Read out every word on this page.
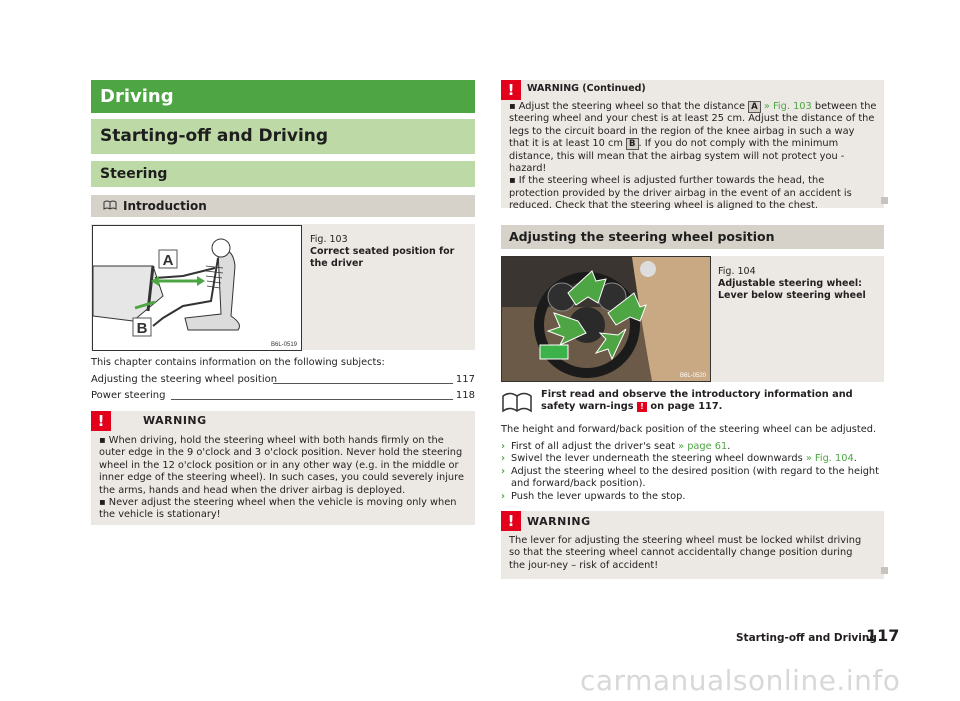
Driving
Starting-off and Driving
Steering
Introduction
A
B
B6L-0519
Fig. 103
Correct seated position for the driver
This chapter contains information on the following subjects:
Adjusting the steering wheel position	117
Power steering	118
!	WARNING
▪ When driving, hold the steering wheel with both hands firmly on the outer edge in the 9 o'clock and 3 o'clock position. Never hold the steering wheel in the 12 o'clock position or in any other way (e.g. in the middle or inner edge of the steering wheel). In such cases, you could severely injure the arms, hands and head when the driver airbag is deployed.
▪ Never adjust the steering wheel when the vehicle is moving only when the vehicle is stationary!
!	WARNING (Continued)
▪ Adjust the steering wheel so that the distance A » Fig. 103 between the steering wheel and your chest is at least 25 cm. Adjust the distance of the legs to the circuit board in the region of the knee airbag in such a way that it is at least 10 cm B . If you do not comply with the minimum distance, this will mean that the airbag system will not protect you - hazard!
▪ If the steering wheel is adjusted further towards the head, the protection provided by the driver airbag in the event of an accident is reduced. Check that the steering wheel is aligned to the chest.
Adjusting the steering wheel position
B6L-0520
Fig. 104
Adjustable steering wheel: Lever below steering wheel
First read and observe the introductory information and safety warn-ings ! on page 117.
The height and forward/back position of the steering wheel can be adjusted.
› First of all adjust the driver's seat » page 61.
› Swivel the lever underneath the steering wheel downwards » Fig. 104.
› Adjust the steering wheel to the desired position (with regard to the height and forward/back position).
› Push the lever upwards to the stop.
!	WARNING
The lever for adjusting the steering wheel must be locked whilst driving so that the steering wheel cannot accidentally change position during the jour-ney – risk of accident!
Starting-off and Driving
117
carmanualsonline.info
